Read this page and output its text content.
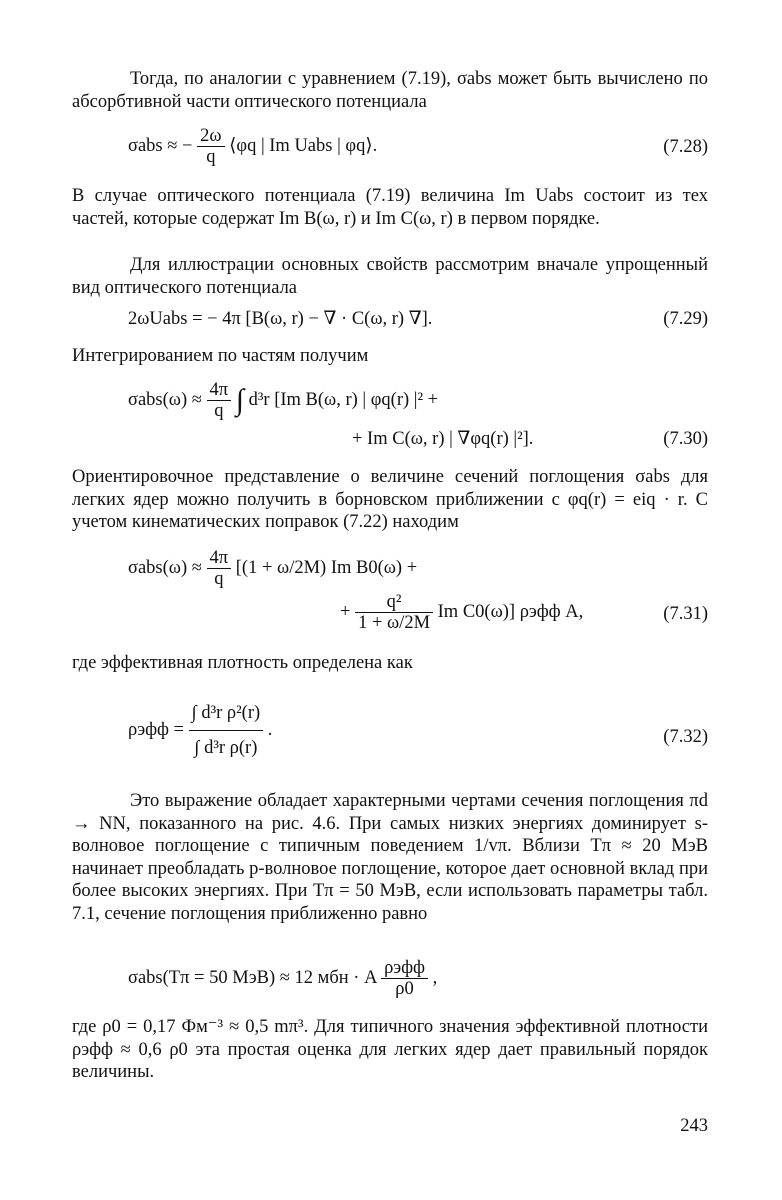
Тогда, по аналогии с уравнением (7.19), σabs может быть вычислено по абсорбтивной части оптического потенциала

σabs ≈ − $\frac{2\omega}{q}$ ⟨φq | Im Uabs | φq⟩.	(7.28)

В случае оптического потенциала (7.19) величина Im Uabs состоит из тех частей, которые содержат Im B(ω, r) и Im C(ω, r) в первом порядке.

Для иллюстрации основных свойств рассмотрим вначале упрощенный вид оптического потенциала

2ωUabs = − 4π [B(ω, r) − ∇ · C(ω, r) ∇].	(7.29)

Интегрированием по частям получим

$\sigma abs(\omega) \approx \frac{4\pi}{q}$ ∫ d³r [Im B(ω, r) | φq(r) |² +
+ Im C(ω, r) | ∇φq(r) |²].	(7.30)

Ориентировочное представление о величине сечений поглощения σabs для легких ядер можно получить в борновском приближении с φq(r) = eiq · r. С учетом кинематических поправок (7.22) находим

$\sigma abs(\omega) \approx \frac{4\pi}{q} [(1 + \omega/2M)$ Im B0(ω) +
+ $\frac{\text{q²}}{1 + \omega/2M}$ Im C0(ω)] ρэфф A,	(7.31)

где эффективная плотность определена как

$\rho эфф = \frac{\text{∫ d³r ρ²(r)}}{\text{∫ d³r ρ(r)}}$ .	(7.32)

Это выражение обладает характерными чертами сечения поглощения πd → NN, показанного на рис. 4.6. При самых низких энергиях доминирует s-волновое поглощение с типичным поведением 1/vπ. Вблизи Tπ ≈ 20 МэВ начинает преобладать p-волновое поглощение, которое дает основной вклад при более высоких энергиях. При Tπ = 50 МэВ, если использовать параметры табл. 7.1, сечение поглощения приближенно равно

σabs(Tπ = 50 МэВ) ≈ 12 мбн · A $\frac{\text{ρэфф}}{\rho 0}$ ,

где ρ0 = 0,17 Фм⁻³ ≈ 0,5 mπ³. Для типичного значения эффективной плотности ρэфф ≈ 0,6 ρ0 эта простая оценка для легких ядер дает правильный порядок величины.

243
